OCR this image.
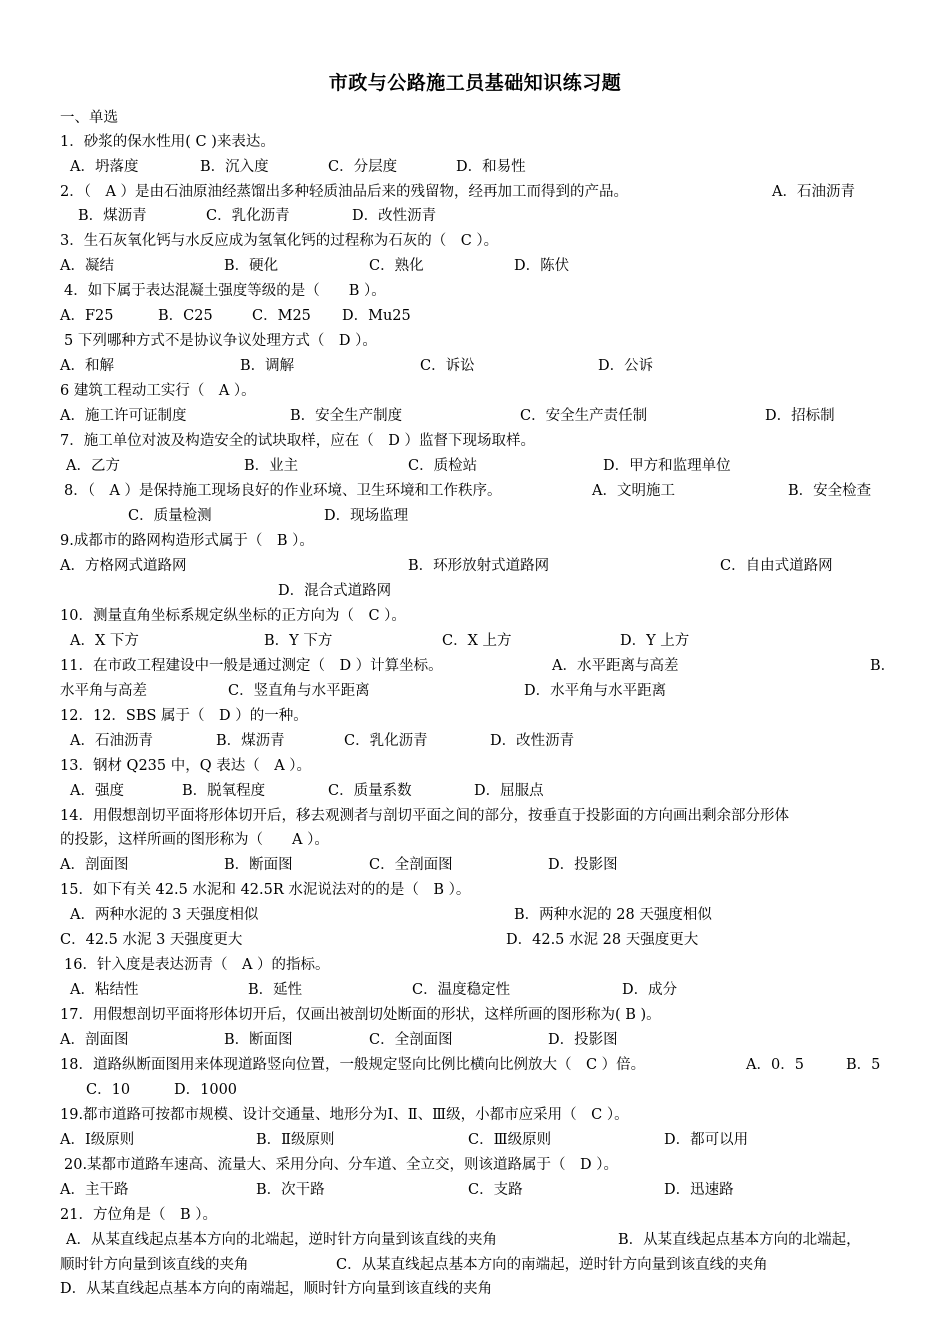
市政与公路施工员基础知识练习题
一、单选
1．砂浆的保水性用( C )来表达。
A．坍落度	B．沉入度	C．分层度	D．和易性
2．（　A ）是由石油原油经蒸馏出多种轻质油品后来的残留物，经再加工而得到的产品。	A．石油沥青
B．煤沥青	C．乳化沥青	D．改性沥青
3．生石灰氧化钙与水反应成为氢氧化钙的过程称为石灰的（　C ）。
A．凝结	B．硬化	C．熟化	D．陈伏
4．如下属于表达混凝土强度等级的是（　　B ）。
A．F25	B．C25	C．M25 D．Mu25
5 下列哪种方式不是协议争议处理方式（　D ）。
A．和解	B．调解	C．诉讼	D．公诉
6 建筑工程动工实行（　A ）。
A．施工许可证制度	B．安全生产制度	C．安全生产责任制	D．招标制
7．施工单位对波及构造安全的试块取样，应在（　D ）监督下现场取样。
A．乙方	B．业主	C．质检站	D．甲方和监理单位
8．（　A ）是保持施工现场良好的作业环境、卫生环境和工作秩序。	A．文明施工	B．安全检查
C．质量检测	D．现场监理
9.成都市的路网构造形式属于（　B ）。
A．方格网式道路网	B．环形放射式道路网	C．自由式道路网
D．混合式道路网
10．测量直角坐标系规定纵坐标的正方向为（　C ）。
A．X 下方	B．Y 下方	C．X 上方	D．Y 上方
11．在市政工程建设中一般是通过测定（　D ）计算坐标。	A．水平距离与高差	B．
水平角与高差	C．竖直角与水平距离	D．水平角与水平距离
12．12．SBS 属于（　D ）的一种。
A．石油沥青	B．煤沥青	C．乳化沥青	D．改性沥青
13．钢材 Q235 中，Q 表达（　A ）。
A．强度	B．脱氧程度	C．质量系数	D．屈服点
14．用假想剖切平面将形体切开后，移去观测者与剖切平面之间的部分，按垂直于投影面的方向画出剩余部分形体
的投影，这样所画的图形称为（　　A ）。
A．剖面图	B．断面图	C．全剖面图	D．投影图
15．如下有关 42.5 水泥和 42.5R 水泥说法对的的是（　B ）。
A．两种水泥的 3 天强度相似	B．两种水泥的 28 天强度相似
C．42.5 水泥 3 天强度更大	D．42.5 水泥 28 天强度更大
16．针入度是表达沥青（　A ）的指标。
A．粘结性	B．延性	C．温度稳定性	D．成分
17．用假想剖切平面将形体切开后，仅画出被剖切处断面的形状，这样所画的图形称为( B )。
A．剖面图	B．断面图	C．全剖面图	D．投影图
18．道路纵断面图用来体现道路竖向位置，一般规定竖向比例比横向比例放大（　C ）倍。	A．0．5	B．5
C．10	D．1000
19.都市道路可按都市规模、设计交通量、地形分为Ⅰ、Ⅱ、Ⅲ级，小都市应采用（　C ）。
A．Ⅰ级原则	B．Ⅱ级原则	C．Ⅲ级原则	D．都可以用
20.某都市道路车速高、流量大、采用分向、分车道、全立交，则该道路属于（　D ）。
A．主干路	B．次干路	C．支路	D．迅速路
21．方位角是（　B ）。
A．从某直线起点基本方向的北端起，逆时针方向量到该直线的夹角	B．从某直线起点基本方向的北端起，
顺时针方向量到该直线的夹角	C．从某直线起点基本方向的南端起，逆时针方向量到该直线的夹角
D．从某直线起点基本方向的南端起，顺时针方向量到该直线的夹角
